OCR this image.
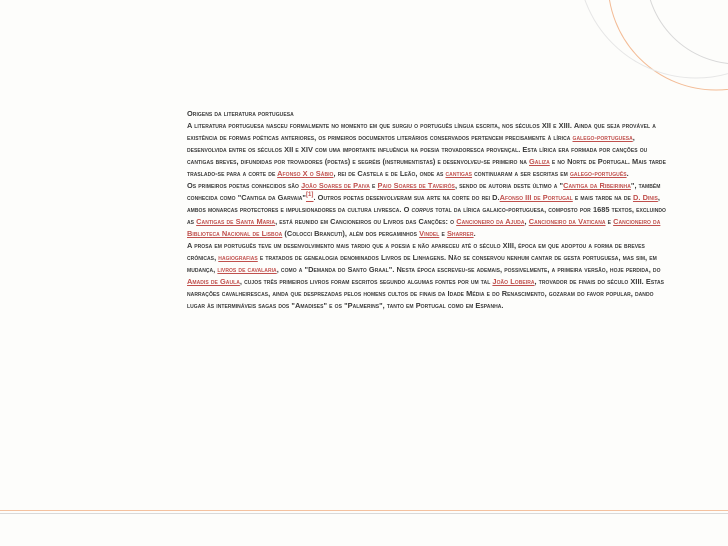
Origens da literatura portuguesa

A literatura portuguesa nasceu formalmente no momento em que surgiu o português língua escrita, nos séculos XII e XIII. Ainda que seja provável a existência de formas poéticas anteriores, os primeiros documentos literários conservados pertencem precisamente à lírica galego-portuguesa, desenvolvida entre os séculos XII e XIV com uma importante influência na poesia trovadoresca provençal. Esta lírica era formada por canções ou cantigas breves, difundidas por trovadores (poetas) e segréis (instrumentistas) e desenvolveu-se primeiro na Galiza e no Norte de Portugal. Mais tarde traslado-se para a corte de Afonso X o Sábio, rei de Castela e de Leão, onde as cantigas continuaram a ser escritas em galego-português.

Os primeiros poetas conhecidos são João Soares de Paiva e Paio Soares de Taveirós, sendo de autoria deste último a "Cantiga da Ribeirinha", também conhecida como "Cantiga da Garvaia"[1]. Outros poetas desenvolveram sua arte na corte do rei D.Afonso III de Portugal e mais tarde na de D. Dinis, ambos monarcas protectores e impulsionadores da cultura livresca. O corpus total da lírica galaico-portuguesa, composto por 1685 textos, excluindo as Cantigas de Santa Maria, está reunido em Cancioneiros ou Livros das Canções: o Cancioneiro da Ajuda, Cancioneiro da Vaticana e Cancioneiro da Biblioteca Nacional de Lisboa (Colocci Brancuti), além dos pergaminhos Vindel e Sharrer.

A prosa em português teve um desenvolvimento mais tardio que a poesia e não apareceu até o século XIII, época em que adoptou a forma de breves crónicas, hagiografias e tratados de genealogia denominados Livros de Linhagens. Não se conservou nenhum cantar de gesta portuguesa, mas sim, em mudança, livros de cavalaria, como a "Demanda do Santo Graal". Nesta época escreveu-se ademais, possivelmente, a primeira versão, hoje perdida, do Amadis de Gaula, cujos três primeiros livros foram escritos segundo algumas fontes por um tal João Lobeira, trovador de finais do século XIII. Estas narrações cavalheirescas, ainda que desprezadas pelos homens cultos de finais da Idade Média e do Renascimento, gozaram do favor popular, dando lugar às intermináveis sagas dos "Amadises" e os "Palmerins", tanto em Portugal como em Espanha.
